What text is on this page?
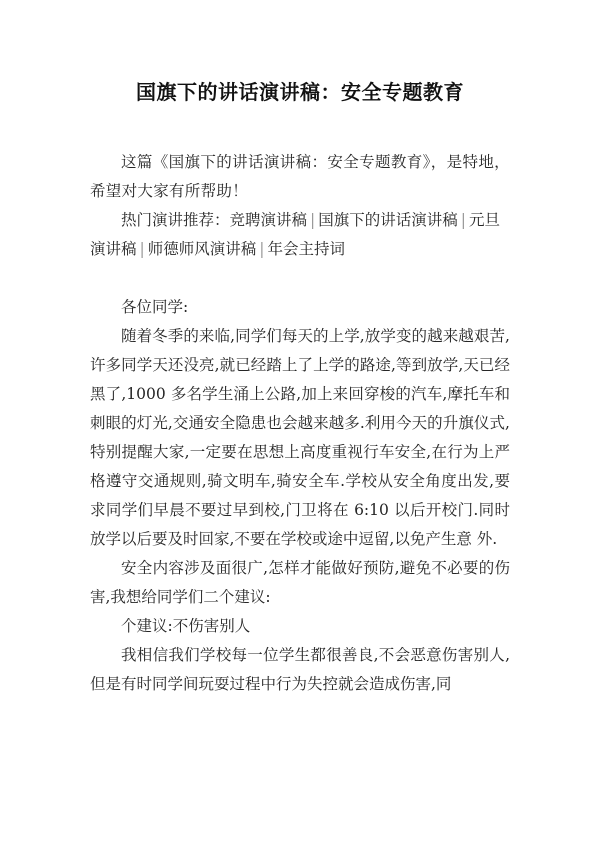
国旗下的讲话演讲稿：安全专题教育

这篇《国旗下的讲话演讲稿：安全专题教育》，是特地，希望对大家有所帮助！

热门演讲推荐：竞聘演讲稿 | 国旗下的讲话演讲稿 | 元旦演讲稿 | 师德师风演讲稿 | 年会主持词

各位同学:

随着冬季的来临,同学们每天的上学,放学变的越来越艰苦,许多同学天还没亮,就已经踏上了上学的路途,等到放学,天已经黑了,1000 多名学生涌上公路,加上来回穿梭的汽车,摩托车和刺眼的灯光,交通安全隐患也会越来越多.利用今天的升旗仪式,特别提醒大家,一定要在思想上高度重视行车安全,在行为上严格遵守交通规则,骑文明车,骑安全车.学校从安全角度出发,要求同学们早晨不要过早到校,门卫将在 6:10 以后开校门.同时放学以后要及时回家,不要在学校或途中逗留,以免产生意 外.

安全内容涉及面很广,怎样才能做好预防,避免不必要的伤害,我想给同学们二个建议:

个建议:不伤害别人

我相信我们学校每一位学生都很善良,不会恶意伤害别人,但是有时同学间玩耍过程中行为失控就会造成伤害,同
